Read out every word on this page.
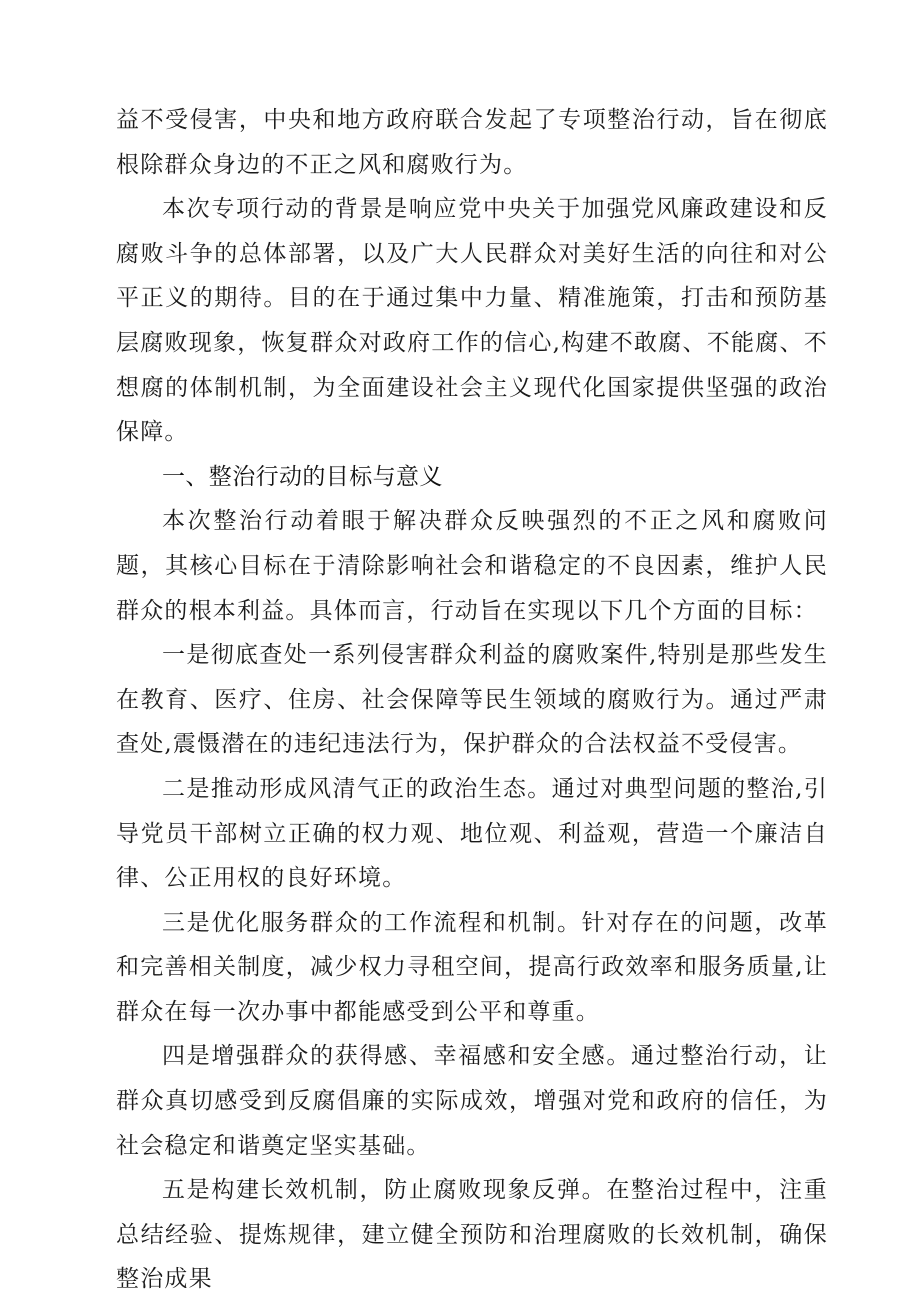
益不受侵害，中央和地方政府联合发起了专项整治行动，旨在彻底根除群众身边的不正之风和腐败行为。

本次专项行动的背景是响应党中央关于加强党风廉政建设和反腐败斗争的总体部署，以及广大人民群众对美好生活的向往和对公平正义的期待。目的在于通过集中力量、精准施策，打击和预防基层腐败现象，恢复群众对政府工作的信心,构建不敢腐、不能腐、不想腐的体制机制，为全面建设社会主义现代化国家提供坚强的政治保障。

一、整治行动的目标与意义

本次整治行动着眼于解决群众反映强烈的不正之风和腐败问题，其核心目标在于清除影响社会和谐稳定的不良因素，维护人民群众的根本利益。具体而言，行动旨在实现以下几个方面的目标：

一是彻底查处一系列侵害群众利益的腐败案件,特别是那些发生在教育、医疗、住房、社会保障等民生领域的腐败行为。通过严肃查处,震慑潜在的违纪违法行为，保护群众的合法权益不受侵害。

二是推动形成风清气正的政治生态。通过对典型问题的整治,引导党员干部树立正确的权力观、地位观、利益观，营造一个廉洁自律、公正用权的良好环境。

三是优化服务群众的工作流程和机制。针对存在的问题，改革和完善相关制度，减少权力寻租空间，提高行政效率和服务质量,让群众在每一次办事中都能感受到公平和尊重。

四是增强群众的获得感、幸福感和安全感。通过整治行动，让群众真切感受到反腐倡廉的实际成效，增强对党和政府的信任，为社会稳定和谐奠定坚实基础。

五是构建长效机制，防止腐败现象反弹。在整治过程中，注重总结经验、提炼规律，建立健全预防和治理腐败的长效机制，确保整治成果
